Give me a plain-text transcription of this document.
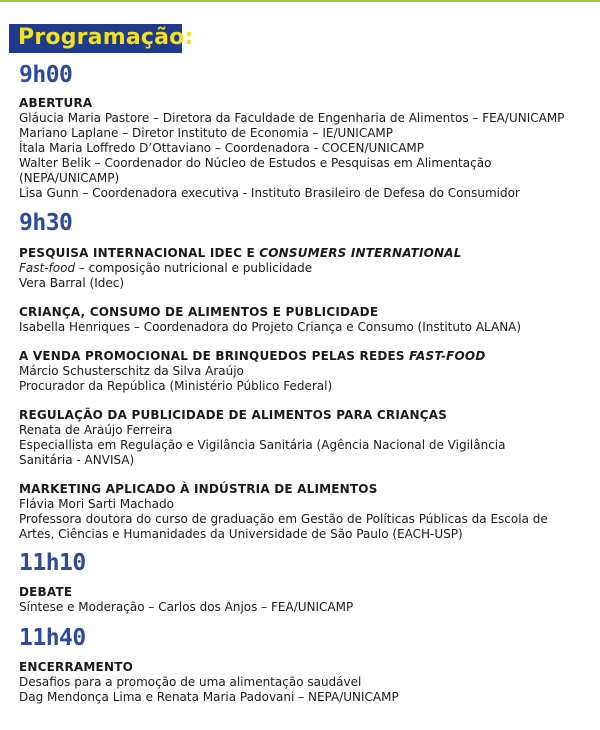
Programação:
9h00
ABERTURA
Gláucia Maria Pastore – Diretora da Faculdade de Engenharia de Alimentos – FEA/UNICAMP
Mariano Laplane – Diretor Instituto de Economia – IE/UNICAMP
Ítala Maria Loffredo D’Ottaviano – Coordenadora - COCEN/UNICAMP
Walter Belik – Coordenador do Núcleo de Estudos e Pesquisas em Alimentação
(NEPA/UNICAMP)
Lisa Gunn – Coordenadora executiva - Instituto Brasileiro de Defesa do Consumidor
9h30
PESQUISA INTERNACIONAL IDEC E CONSUMERS INTERNATIONAL
Fast-food – composição nutricional e publicidade
Vera Barral (Idec)
CRIANÇA, CONSUMO DE ALIMENTOS E PUBLICIDADE
Isabella Henriques – Coordenadora do Projeto Criança e Consumo (Instituto ALANA)
A VENDA PROMOCIONAL DE BRINQUEDOS PELAS REDES FAST-FOOD
Márcio Schusterschitz da Silva Araújo
Procurador da República (Ministério Público Federal)
REGULAÇÃO DA PUBLICIDADE DE ALIMENTOS PARA CRIANÇAS
Renata de Araújo Ferreira
Especiallista em Regulação e Vigilância Sanitária (Agência Nacional de Vigilância
Sanitária - ANVISA)
MARKETING APLICADO À INDÚSTRIA DE ALIMENTOS
Flávia Mori Sarti Machado
Professora doutora do curso de graduação em Gestão de Políticas Públicas da Escola de
Artes, Ciências e Humanidades da Universidade de São Paulo (EACH-USP)
11h10
DEBATE
Síntese e Moderação – Carlos dos Anjos – FEA/UNICAMP
11h40
ENCERRAMENTO
Desafios para a promoção de uma alimentação saudável
Dag Mendonça Lima e Renata Maria Padovani – NEPA/UNICAMP
